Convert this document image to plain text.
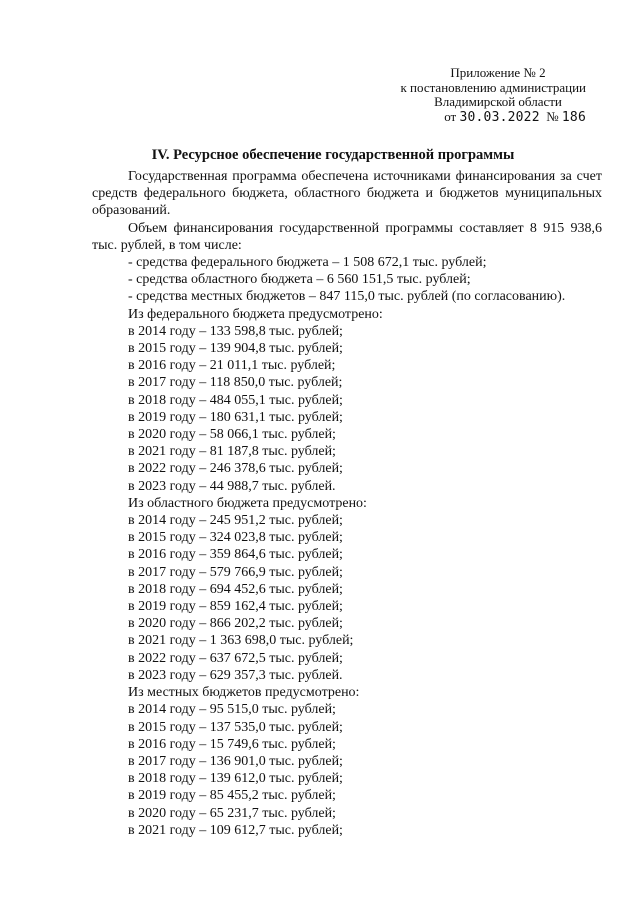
Приложение № 2
к постановлению администрации
Владимирской области
от 30.03.2022 № 186
IV. Ресурсное обеспечение государственной программы

Государственная программа обеспечена источниками финансирования за счет средств федерального бюджета, областного бюджета и бюджетов муниципальных образований.

Объем финансирования государственной программы составляет 8 915 938,6 тыс. рублей, в том числе:

- средства федерального бюджета – 1 508 672,1 тыс. рублей;
- средства областного бюджета – 6 560 151,5 тыс. рублей;
- средства местных бюджетов – 847 115,0 тыс. рублей (по согласованию).
Из федерального бюджета предусмотрено:
в 2014 году – 133 598,8 тыс. рублей;
в 2015 году – 139 904,8 тыс. рублей;
в 2016 году – 21 011,1 тыс. рублей;
в 2017 году – 118 850,0 тыс. рублей;
в 2018 году – 484 055,1 тыс. рублей;
в 2019 году – 180 631,1 тыс. рублей;
в 2020 году – 58 066,1 тыс. рублей;
в 2021 году – 81 187,8 тыс. рублей;
в 2022 году – 246 378,6 тыс. рублей;
в 2023 году – 44 988,7 тыс. рублей.
Из областного бюджета предусмотрено:
в 2014 году – 245 951,2 тыс. рублей;
в 2015 году – 324 023,8 тыс. рублей;
в 2016 году – 359 864,6 тыс. рублей;
в 2017 году – 579 766,9 тыс. рублей;
в 2018 году – 694 452,6 тыс. рублей;
в 2019 году – 859 162,4 тыс. рублей;
в 2020 году – 866 202,2 тыс. рублей;
в 2021 году – 1 363 698,0 тыс. рублей;
в 2022 году – 637 672,5 тыс. рублей;
в 2023 году – 629 357,3 тыс. рублей.
Из местных бюджетов предусмотрено:
в 2014 году – 95 515,0 тыс. рублей;
в 2015 году – 137 535,0 тыс. рублей;
в 2016 году – 15 749,6 тыс. рублей;
в 2017 году – 136 901,0 тыс. рублей;
в 2018 году – 139 612,0 тыс. рублей;
в 2019 году – 85 455,2 тыс. рублей;
в 2020 году – 65 231,7 тыс. рублей;
в 2021 году – 109 612,7 тыс. рублей;
